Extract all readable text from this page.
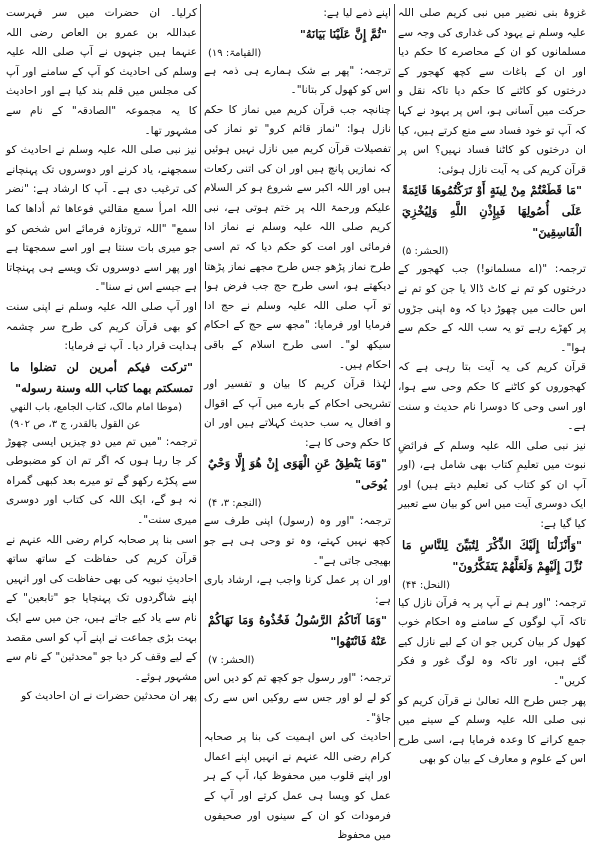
غزوۂ بنی نضیر میں نبی کریم صلی اللہ علیہ وسلم نے یہود کی غداری کی وجہ سے مسلمانوں کو ان کے محاصرے کا حکم دیا اور ان کے باغات سے کچھ کھجور کے درختوں کو کاٹنے کا حکم دیا تاکہ نقل و حرکت میں آسانی ہو، اس پر یہود نے کہا کہ آپ تو خود فساد سے منع کرتے ہیں، کیا ان درختوں کو کاٹنا فساد نہیں؟ اس پر قرآن کریم کی یہ آیت نازل ہوئی:
"مَا قَطَعْتُمْ مِنْ لِينَةٍ أَوْ تَرَكْتُمُوهَا قَائِمَةً عَلَى أُصُولِهَا فَبِإِذْنِ اللَّهِ وَلِيُخْزِيَ الْفَاسِقِينَ"
(الحشر: ۵)
ترجمہ: "(اے مسلمانو!) جب کھجور کے درختوں کو تم نے کاٹ ڈالا یا جن کو تم نے اس حالت میں چھوڑ دیا کہ وہ اپنی جڑوں پر کھڑے رہے تو یہ سب اللہ کے حکم سے ہوا"۔
قرآن کریم کی یہ آیت بتا رہی ہے کہ کھجوروں کو کاٹنے کا حکم وحی سے ہوا، اور اسی وحی کا دوسرا نام حدیث و سنت ہے۔
نیز نبی صلی اللہ علیہ وسلم کے فرائضِ نبوت میں تعلیمِ کتاب بھی شامل ہے، (اور آپ ان کو کتاب کی تعلیم دیتے ہیں) اور ایک دوسری آیت میں اس کو بیان سے تعبیر کیا گیا ہے:
"وَأَنْزَلْنَا إِلَيْكَ الذِّكْرَ لِتُبَيِّنَ لِلنَّاسِ مَا نُزِّلَ إِلَيْهِمْ وَلَعَلَّهُمْ يَتَفَكَّرُونَ"
(النحل: ۴۴)
ترجمہ: "اور ہم نے آپ پر یہ قرآن نازل کیا تاکہ آپ لوگوں کے سامنے وہ احکام خوب کھول کر بیان کریں جو ان کے لیے نازل کیے گئے ہیں، اور تاکہ وہ لوگ غور و فکر کریں"۔
پھر جس طرح اللہ تعالیٰ نے قرآن کریم کو نبی صلی اللہ علیہ وسلم کے سینے میں جمع کرانے کا وعدہ فرمایا ہے، اسی طرح اس کے علوم و معارف کے بیان کو بھی
اپنے ذمے لیا ہے:
"ثُمَّ إِنَّ عَلَيْنَا بَيَانَهُ"
(القیامۃ: ۱۹)
ترجمہ: "پھر بے شک ہمارے ہی ذمہ ہے اس کو کھول کر بتانا"۔
چنانچہ جب قرآن کریم میں نماز کا حکم نازل ہوا: "نماز قائم کرو" تو نماز کی تفصیلات قرآن کریم میں نازل نہیں ہوئیں کہ نمازیں پانچ ہیں اور ان کی اتنی رکعات ہیں اور اللہ اکبر سے شروع ہو کر السلام علیکم ورحمۃ اللہ پر ختم ہوتی ہے، نبی کریم صلی اللہ علیہ وسلم نے نماز ادا فرمائی اور امت کو حکم دیا کہ تم اسی طرح نماز پڑھو جس طرح مجھے نماز پڑھتا دیکھتے ہو، اسی طرح حج جب فرض ہوا تو آپ صلی اللہ علیہ وسلم نے حج ادا فرمایا اور فرمایا: "مجھ سے حج کے احکام سیکھ لو"۔ اسی طرح اسلام کے باقی احکام ہیں۔
لہٰذا قرآن کریم کا بیان و تفسیر اور تشریحی احکام کے بارے میں آپ کے اقوال و افعال یہ سب حدیث کہلاتے ہیں اور ان کا حکم وحی کا ہے:
"وَمَا يَنْطِقُ عَنِ الْهَوَى إِنْ هُوَ إِلَّا وَحْيٌ يُوحَى"
(النجم: ۳، ۴)
ترجمہ: "اور وہ (رسول) اپنی طرف سے کچھ نہیں کہتے، وہ تو وحی ہی ہے جو بھیجی جاتی ہے"۔
اور ان پر عمل کرنا واجب ہے، ارشاد باری ہے:
"وَمَا آتَاكُمُ الرَّسُولُ فَخُذُوهُ وَمَا نَهَاكُمْ عَنْهُ فَانْتَهُوا"
(الحشر: ۷)
ترجمہ: "اور رسول جو کچھ تم کو دیں اس کو لے لو اور جس سے روکیں اس سے رک جاؤ"۔
احادیث کی اس اہمیت کی بنا پر صحابہ کرام رضی اللہ عنہم نے انہیں اپنے اعمال اور اپنے قلوب میں محفوظ کیا، آپ کے ہر عمل کو ویسا ہی عمل کرتے اور آپ کے فرمودات کو ان کے سینوں اور صحیفوں میں محفوظ
کرلیا۔ ان حضرات میں سر فہرست عبداللہ بن عمرو بن العاص رضی اللہ عنہما ہیں جنہوں نے آپ صلی اللہ علیہ وسلم کی احادیث کو آپ کے سامنے اور آپ کی مجلس میں قلم بند کیا ہے اور احادیث کا یہ مجموعہ "الصادقہ" کے نام سے مشہور تھا۔
نیز نبی صلی اللہ علیہ وسلم نے احادیث کو سمجھنے، یاد کرنے اور دوسروں تک پہنچانے کی ترغیب دی ہے۔ آپ کا ارشاد ہے: "نضر اللہ امرأ سمع مقالتي فوعاها ثم أداها كما سمع" "اللہ تروتازہ فرمائے اس شخص کو جو میری بات سنتا ہے اور اسے سمجھتا ہے اور پھر اسے دوسروں تک ویسے ہی پہنچاتا ہے جیسے اس نے سنا"۔
اور آپ صلی اللہ علیہ وسلم نے اپنی سنت کو بھی قرآن کریم کی طرح سر چشمہ ہدایت قرار دیا۔ آپ نے فرمایا:
"تركت فيكم أمرين لن تضلوا ما تمسكتم بهما كتاب الله وسنة رسوله"
(موطا امام مالک، کتاب الجامع، باب النهي عن القول بالقدر، ج ۳، ص ۹۰۲)
ترجمہ: "میں تم میں دو چیزیں ایسی چھوڑ کر جا رہا ہوں کہ اگر تم ان کو مضبوطی سے پکڑے رکھو گے تو میرے بعد کبھی گمراہ نہ ہو گے، ایک اللہ کی کتاب اور دوسری میری سنت"۔
اسی بنا پر صحابہ کرام رضی اللہ عنہم نے قرآن کریم کی حفاظت کے ساتھ ساتھ احادیثِ نبویہ کی بھی حفاظت کی اور انہیں اپنے شاگردوں تک پہنچایا جو "تابعین" کے نام سے یاد کیے جاتے ہیں، جن میں سے ایک بہت بڑی جماعت نے اپنے آپ کو اسی مقصد کے لیے وقف کر دیا جو "محدثین" کے نام سے مشہور ہوئے۔
پھر ان محدثین حضرات نے ان احادیث کو
